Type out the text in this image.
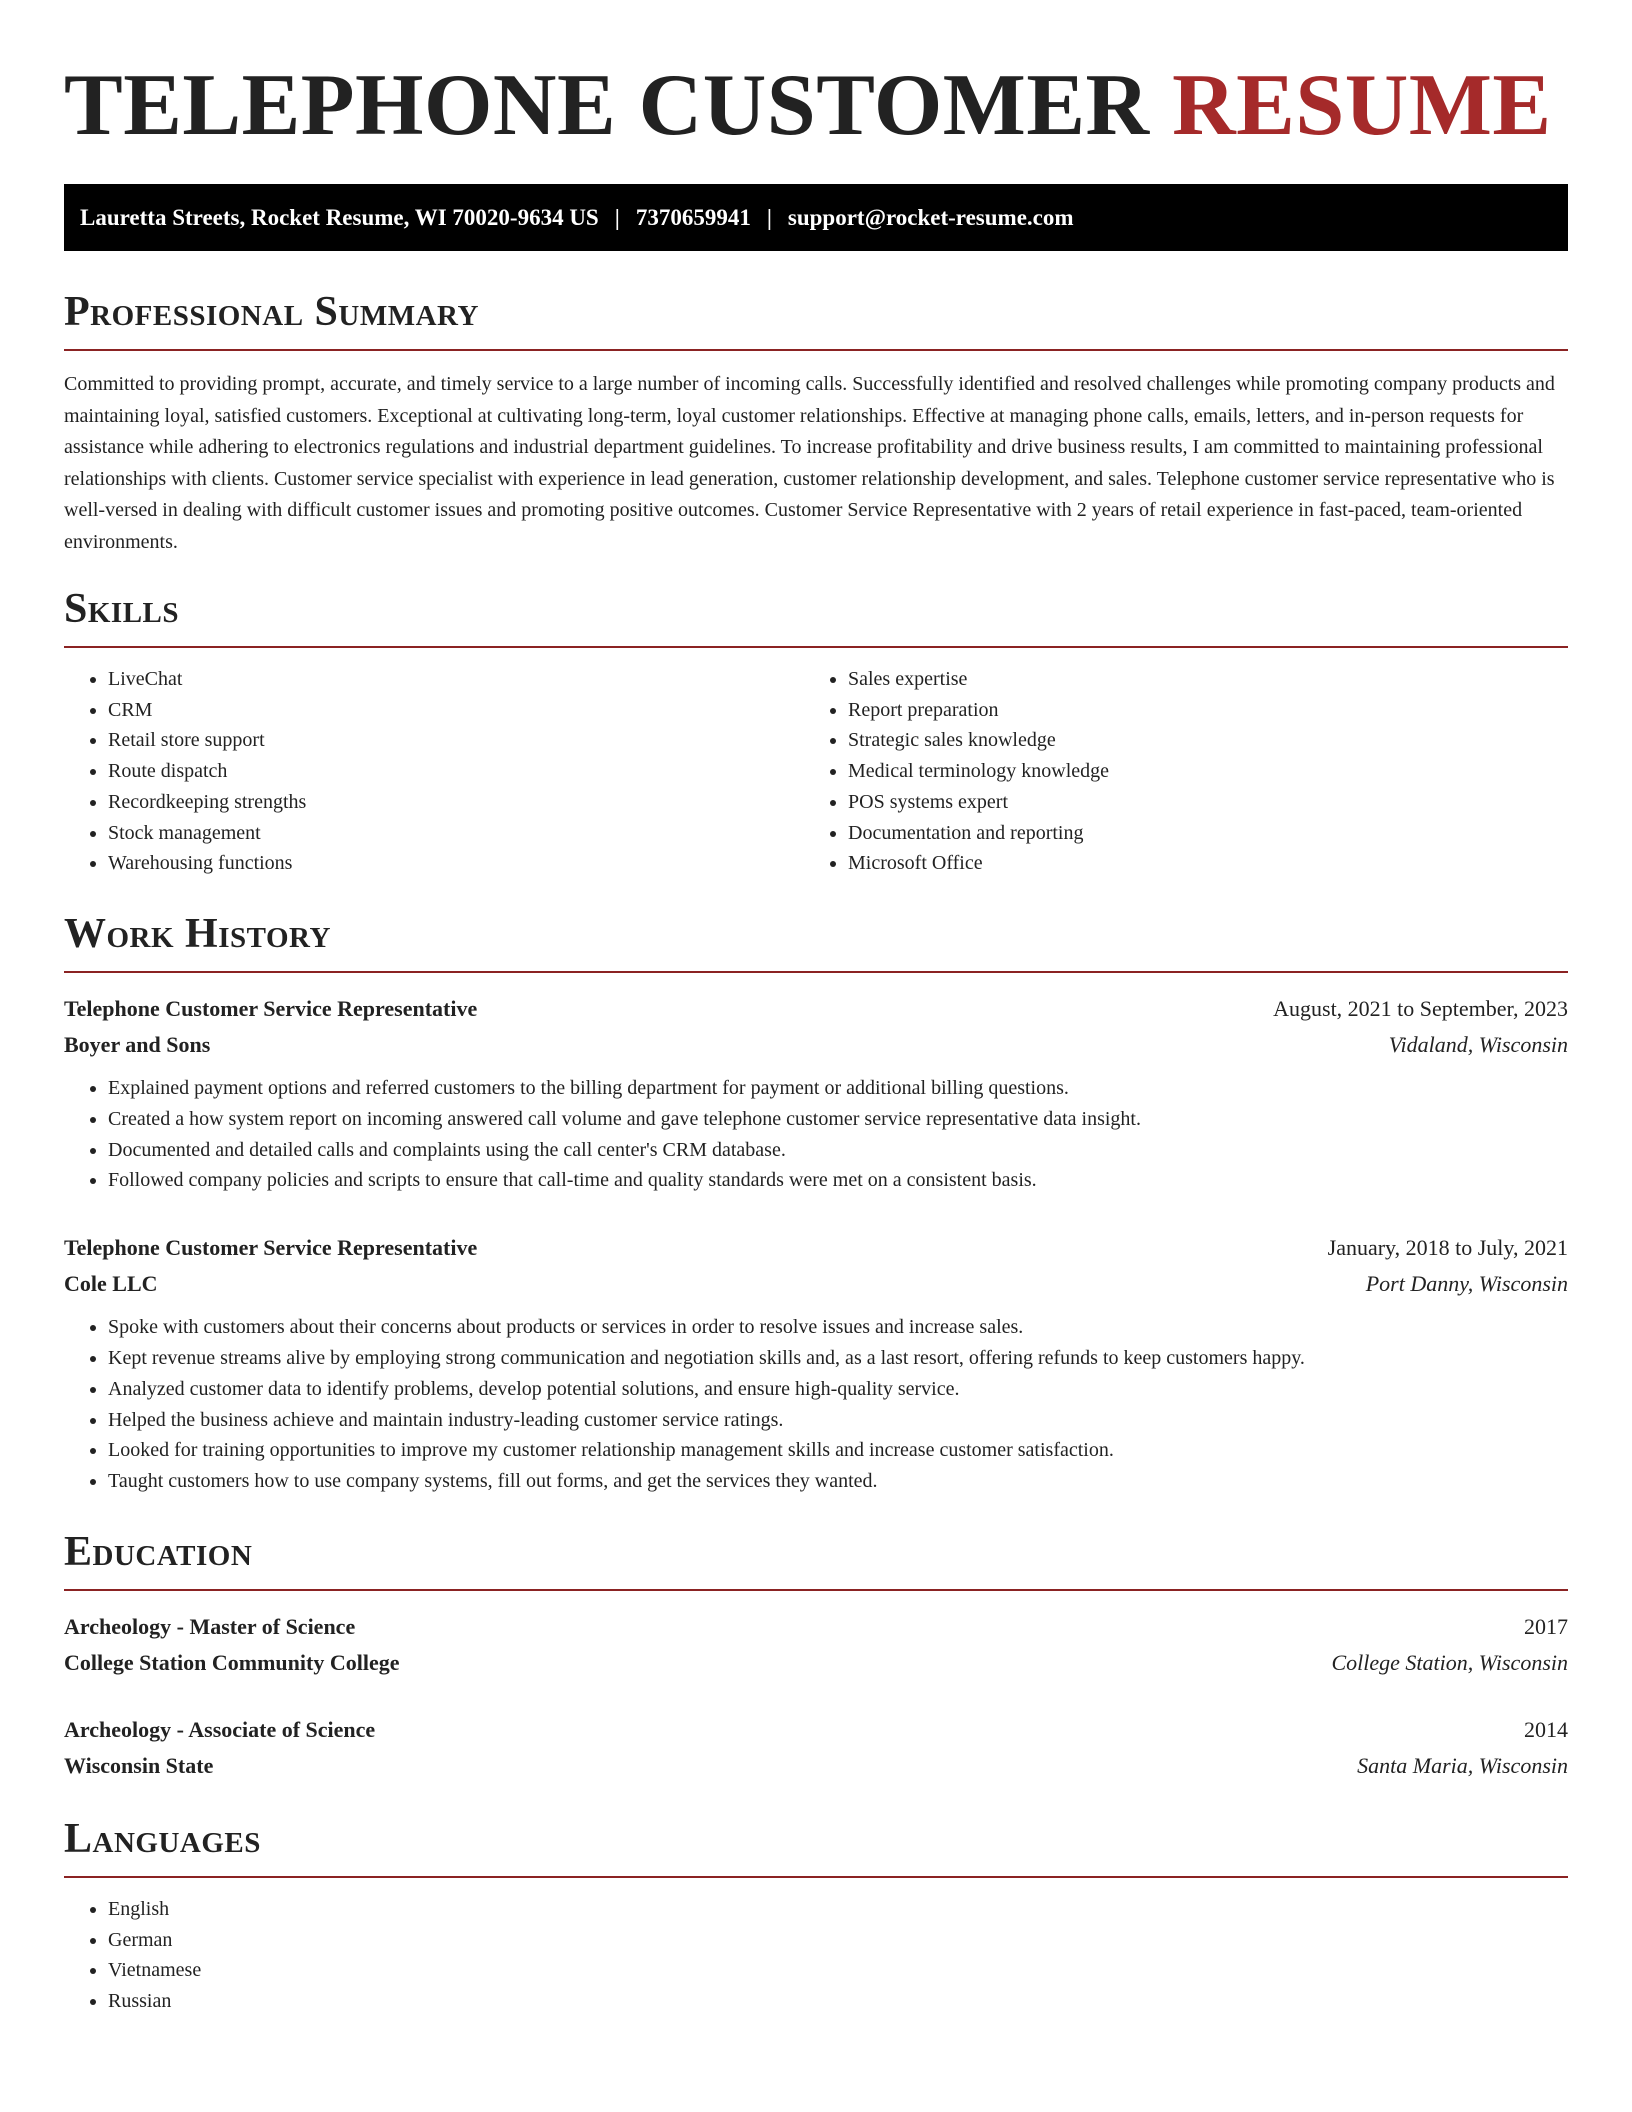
TELEPHONE CUSTOMER RESUME
Lauretta Streets, Rocket Resume, WI 70020-9634 US | 7370659941 | support@rocket-resume.com
Professional Summary

Committed to providing prompt, accurate, and timely service to a large number of incoming calls. Successfully identified and resolved challenges while promoting company products and maintaining loyal, satisfied customers. Exceptional at cultivating long-term, loyal customer relationships. Effective at managing phone calls, emails, letters, and in-person requests for assistance while adhering to electronics regulations and industrial department guidelines. To increase profitability and drive business results, I am committed to maintaining professional relationships with clients. Customer service specialist with experience in lead generation, customer relationship development, and sales. Telephone customer service representative who is well-versed in dealing with difficult customer issues and promoting positive outcomes. Customer Service Representative with 2 years of retail experience in fast-paced, team-oriented environments.

Skills
• LiveChat
• CRM
• Retail store support
• Route dispatch
• Recordkeeping strengths
• Stock management
• Warehousing functions
• Sales expertise
• Report preparation
• Strategic sales knowledge
• Medical terminology knowledge
• POS systems expert
• Documentation and reporting
• Microsoft Office
Work History
Telephone Customer Service Representative	August, 2021 to September, 2023
Boyer and Sons	Vidaland, Wisconsin
• Explained payment options and referred customers to the billing department for payment or additional billing questions.
• Created a how system report on incoming answered call volume and gave telephone customer service representative data insight.
• Documented and detailed calls and complaints using the call center's CRM database.
• Followed company policies and scripts to ensure that call-time and quality standards were met on a consistent basis.
Telephone Customer Service Representative	January, 2018 to July, 2021
Cole LLC	Port Danny, Wisconsin
• Spoke with customers about their concerns about products or services in order to resolve issues and increase sales.
• Kept revenue streams alive by employing strong communication and negotiation skills and, as a last resort, offering refunds to keep customers happy.
• Analyzed customer data to identify problems, develop potential solutions, and ensure high-quality service.
• Helped the business achieve and maintain industry-leading customer service ratings.
• Looked for training opportunities to improve my customer relationship management skills and increase customer satisfaction.
• Taught customers how to use company systems, fill out forms, and get the services they wanted.
Education
Archeology - Master of Science	2017
College Station Community College	College Station, Wisconsin
Archeology - Associate of Science	2014
Wisconsin State	Santa Maria, Wisconsin
Languages
• English
• German
• Vietnamese
• Russian
